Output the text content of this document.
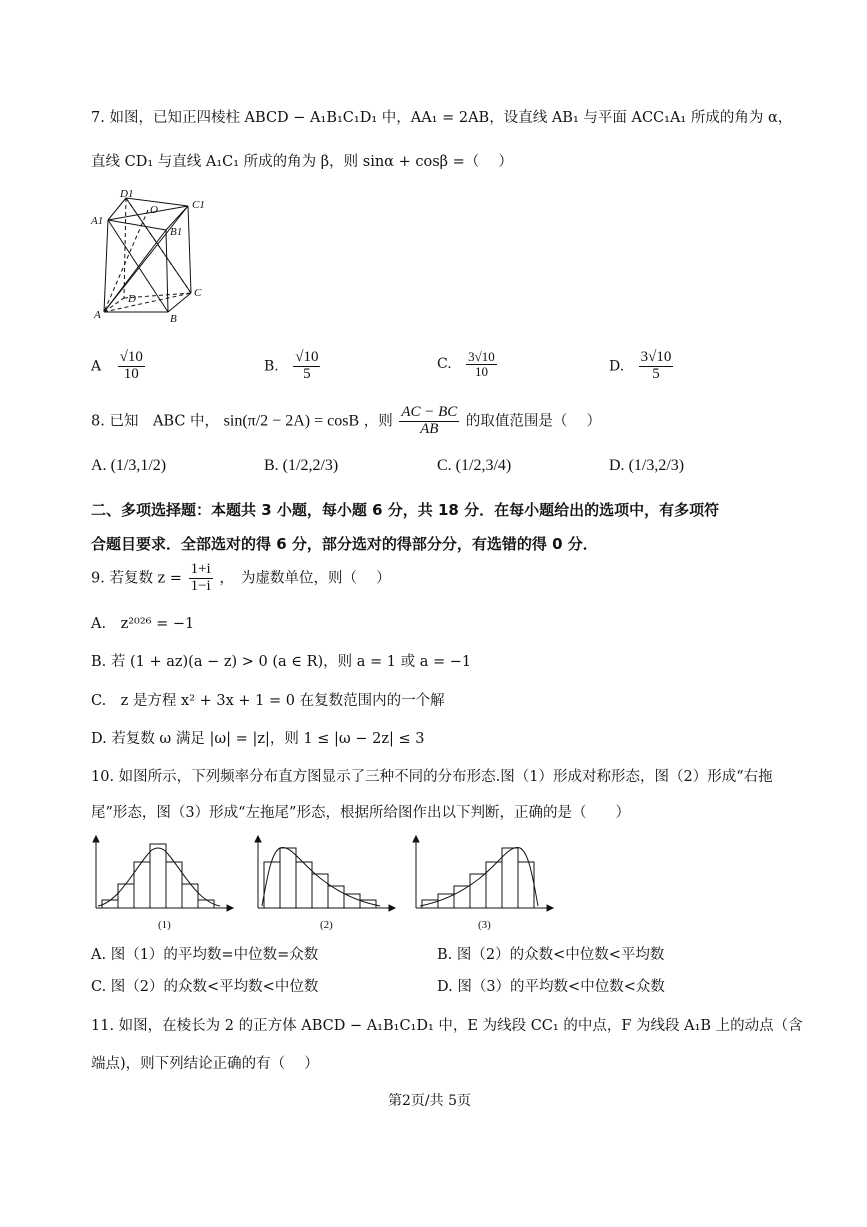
7. 如图，已知正四棱柱 ABCD − A₁B₁C₁D₁ 中，AA₁ = 2AB，设直线 AB₁ 与平面 ACC₁A₁ 所成的角为 α，
直线 CD₁ 与直线 A₁C₁ 所成的角为 β，则 sinα + cosβ =（　 ）
D1
O	C1
A1
B1
D	C
A	B
A $\frac{√10}{10}$	B. $\frac{√10}{5}$	C. $\frac{3√10}{10}$	D. $\frac{3√10}{5}$
8. 已知　ABC 中， sin(π/2 − 2A) = cosB ，则 $\frac{AC - BC}{AB}$ 的取值范围是（　 ）
A. (1/3,1/2)	B. (1/2,2/3)	C. (1/2,3/4)	D. (1/3,2/3)
二、多项选择题：本题共 3 小题，每小题 6 分，共 18 分．在每小题给出的选项中，有多项符
合题目要求．全部选对的得 6 分，部分选对的得部分分，有选错的得 0 分．
9. 若复数 $z = \frac{1+i}{1-i}$ ，　为虚数单位，则（　 ）
A.　z²⁰²⁶ = −1
B. 若 (1 + az)(a − z) > 0 (a ∈ R)，则 a = 1 或 a = −1
C.　z 是方程 x² + 3x + 1 = 0 在复数范围内的一个解
D. 若复数 ω 满足 |ω| = |z|，则 1 ≤ |ω − 2z| ≤ 3
10. 如图所示，下列频率分布直方图显示了三种不同的分布形态.图（1）形成对称形态，图（2）形成“右拖
尾”形态，图（3）形成“左拖尾”形态，根据所给图作出以下判断，正确的是（　　）
(1)	(2)	(3)
A. 图（1）的平均数=中位数=众数	B. 图（2）的众数<中位数<平均数
C. 图（2）的众数<平均数<中位数	D. 图（3）的平均数<中位数<众数
11. 如图，在棱长为 2 的正方体 ABCD − A₁B₁C₁D₁ 中，E 为线段 CC₁ 的中点，F 为线段 A₁B 上的动点（含
端点)，则下列结论正确的有（　 ）
第2页/共 5页
